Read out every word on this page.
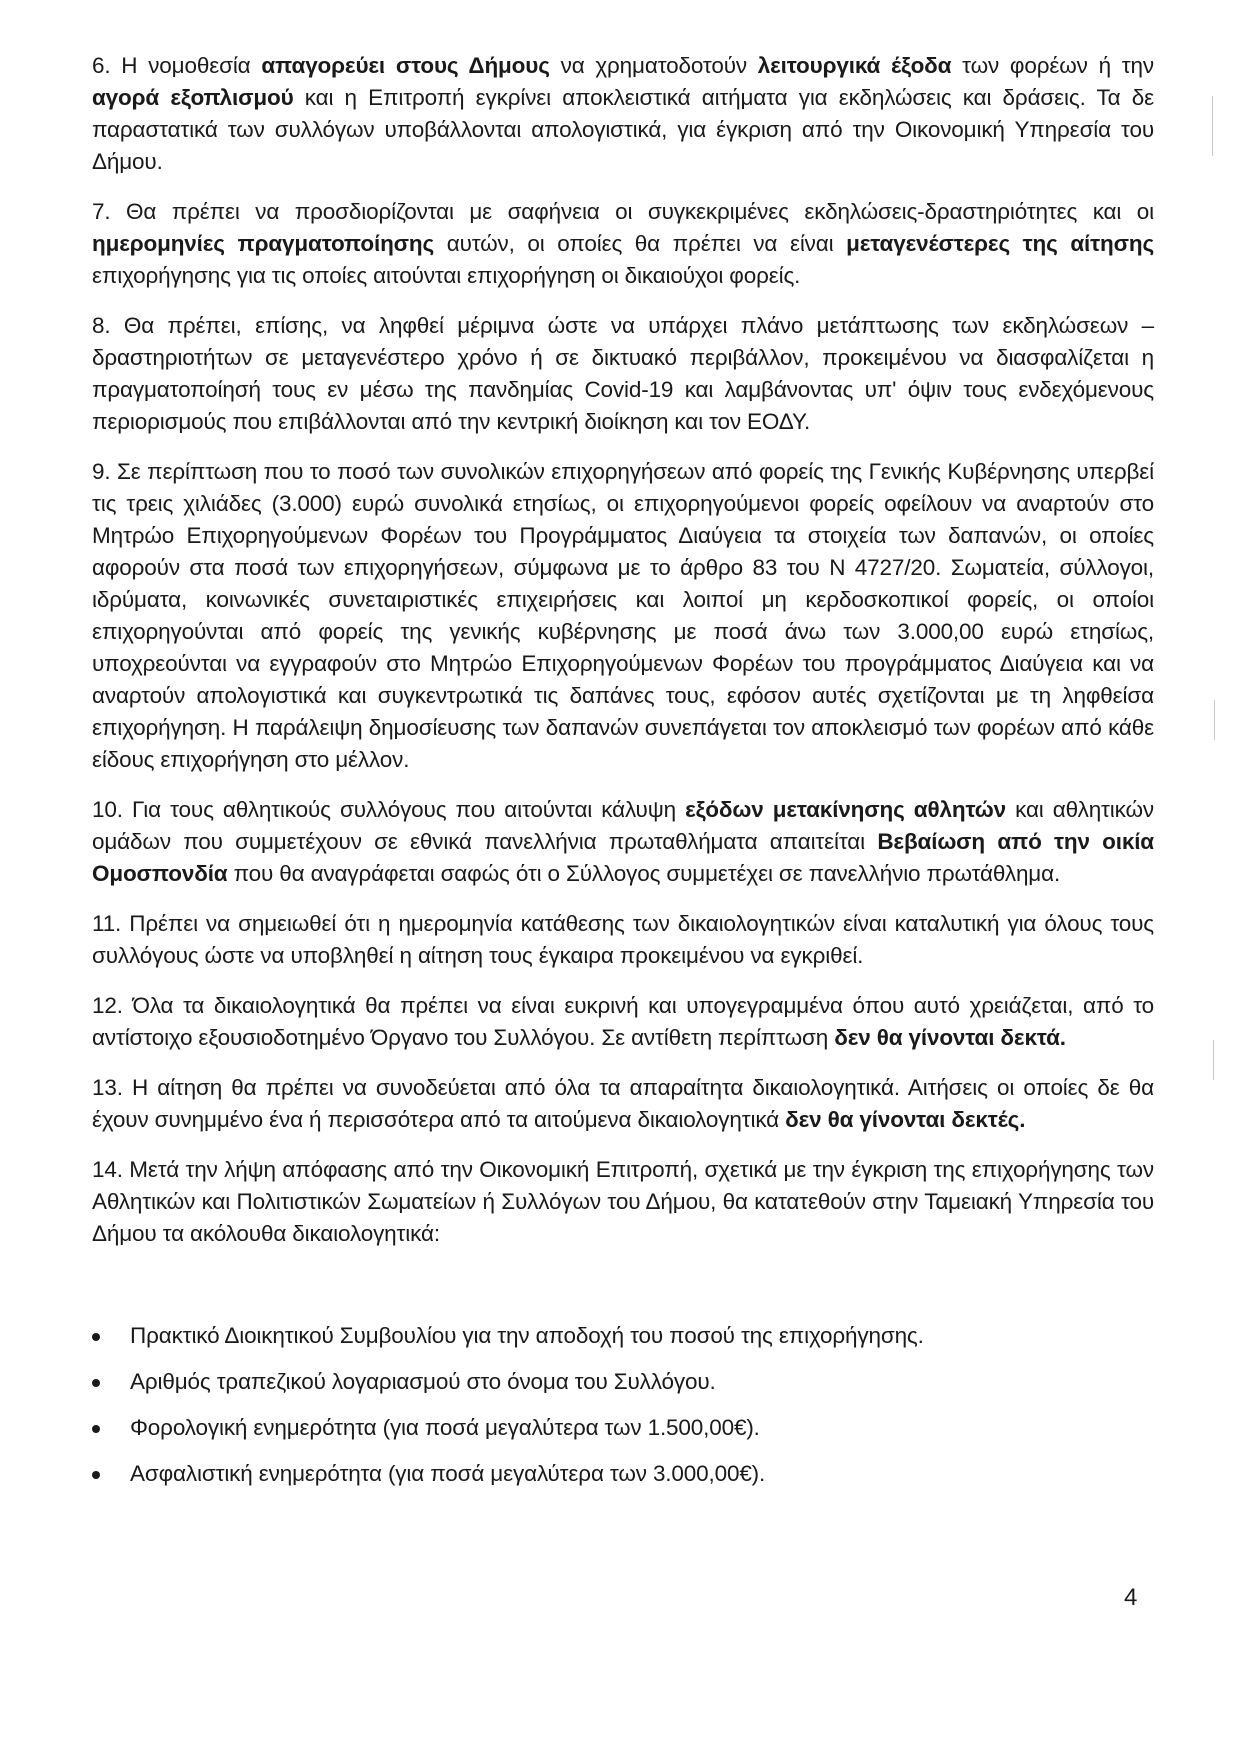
6. Η νομοθεσία απαγορεύει στους Δήμους να χρηματοδοτούν λειτουργικά έξοδα των φορέων ή την αγορά εξοπλισμού και η Επιτροπή εγκρίνει αποκλειστικά αιτήματα για εκδηλώσεις και δράσεις. Τα δε παραστατικά των συλλόγων υποβάλλονται απολογιστικά, για έγκριση από την Οικονομική Υπηρεσία του Δήμου.

7. Θα πρέπει να προσδιορίζονται με σαφήνεια οι συγκεκριμένες εκδηλώσεις-δραστηριότητες και οι ημερομηνίες πραγματοποίησης αυτών, οι οποίες θα πρέπει να είναι μεταγενέστερες της αίτησης επιχορήγησης για τις οποίες αιτούνται επιχορήγηση οι δικαιούχοι φορείς.

8. Θα πρέπει, επίσης, να ληφθεί μέριμνα ώστε να υπάρχει πλάνο μετάπτωσης των εκδηλώσεων – δραστηριοτήτων σε μεταγενέστερο χρόνο ή σε δικτυακό περιβάλλον, προκειμένου να διασφαλίζεται η πραγματοποίησή τους εν μέσω της πανδημίας Covid-19 και λαμβάνοντας υπ' όψιν τους ενδεχόμενους περιορισμούς που επιβάλλονται από την κεντρική διοίκηση και τον ΕΟΔΥ.

9. Σε περίπτωση που το ποσό των συνολικών επιχορηγήσεων από φορείς της Γενικής Κυβέρνησης υπερβεί τις τρεις χιλιάδες (3.000) ευρώ συνολικά ετησίως, οι επιχορηγούμενοι φορείς οφείλουν να αναρτούν στο Μητρώο Επιχορηγούμενων Φορέων του Προγράμματος Διαύγεια τα στοιχεία των δαπανών, οι οποίες αφορούν στα ποσά των επιχορηγήσεων, σύμφωνα με το άρθρο 83 του Ν 4727/20. Σωματεία, σύλλογοι, ιδρύματα, κοινωνικές συνεταιριστικές επιχειρήσεις και λοιποί μη κερδοσκοπικοί φορείς, οι οποίοι επιχορηγούνται από φορείς της γενικής κυβέρνησης με ποσά άνω των 3.000,00 ευρώ ετησίως, υποχρεούνται να εγγραφούν στο Μητρώο Επιχορηγούμενων Φορέων του προγράμματος Διαύγεια και να αναρτούν απολογιστικά και συγκεντρωτικά τις δαπάνες τους, εφόσον αυτές σχετίζονται με τη ληφθείσα επιχορήγηση. Η παράλειψη δημοσίευσης των δαπανών συνεπάγεται τον αποκλεισμό των φορέων από κάθε είδους επιχορήγηση στο μέλλον.

10. Για τους αθλητικούς συλλόγους που αιτούνται κάλυψη εξόδων μετακίνησης αθλητών και αθλητικών ομάδων που συμμετέχουν σε εθνικά πανελλήνια πρωταθλήματα απαιτείται Βεβαίωση από την οικία Ομοσπονδία που θα αναγράφεται σαφώς ότι ο Σύλλογος συμμετέχει σε πανελλήνιο πρωτάθλημα.

11. Πρέπει να σημειωθεί ότι η ημερομηνία κατάθεσης των δικαιολογητικών είναι καταλυτική για όλους τους συλλόγους ώστε να υποβληθεί η αίτηση τους έγκαιρα προκειμένου να εγκριθεί.

12. Όλα τα δικαιολογητικά θα πρέπει να είναι ευκρινή και υπογεγραμμένα όπου αυτό χρειάζεται, από το αντίστοιχο εξουσιοδοτημένο Όργανο του Συλλόγου. Σε αντίθετη περίπτωση δεν θα γίνονται δεκτά.

13. Η αίτηση θα πρέπει να συνοδεύεται από όλα τα απαραίτητα δικαιολογητικά. Αιτήσεις οι οποίες δε θα έχουν συνημμένο ένα ή περισσότερα από τα αιτούμενα δικαιολογητικά δεν θα γίνονται δεκτές.

14. Μετά την λήψη απόφασης από την Οικονομική Επιτροπή, σχετικά με την έγκριση της επιχορήγησης των Αθλητικών και Πολιτιστικών Σωματείων ή Συλλόγων του Δήμου, θα κατατεθούν στην Ταμειακή Υπηρεσία του Δήμου τα ακόλουθα δικαιολογητικά:

Πρακτικό Διοικητικού Συμβουλίου για την αποδοχή του ποσού της επιχορήγησης.
Αριθμός τραπεζικού λογαριασμού στο όνομα του Συλλόγου.
Φορολογική ενημερότητα (για ποσά μεγαλύτερα των 1.500,00€).
Ασφαλιστική ενημερότητα (για ποσά μεγαλύτερα των 3.000,00€).
4
